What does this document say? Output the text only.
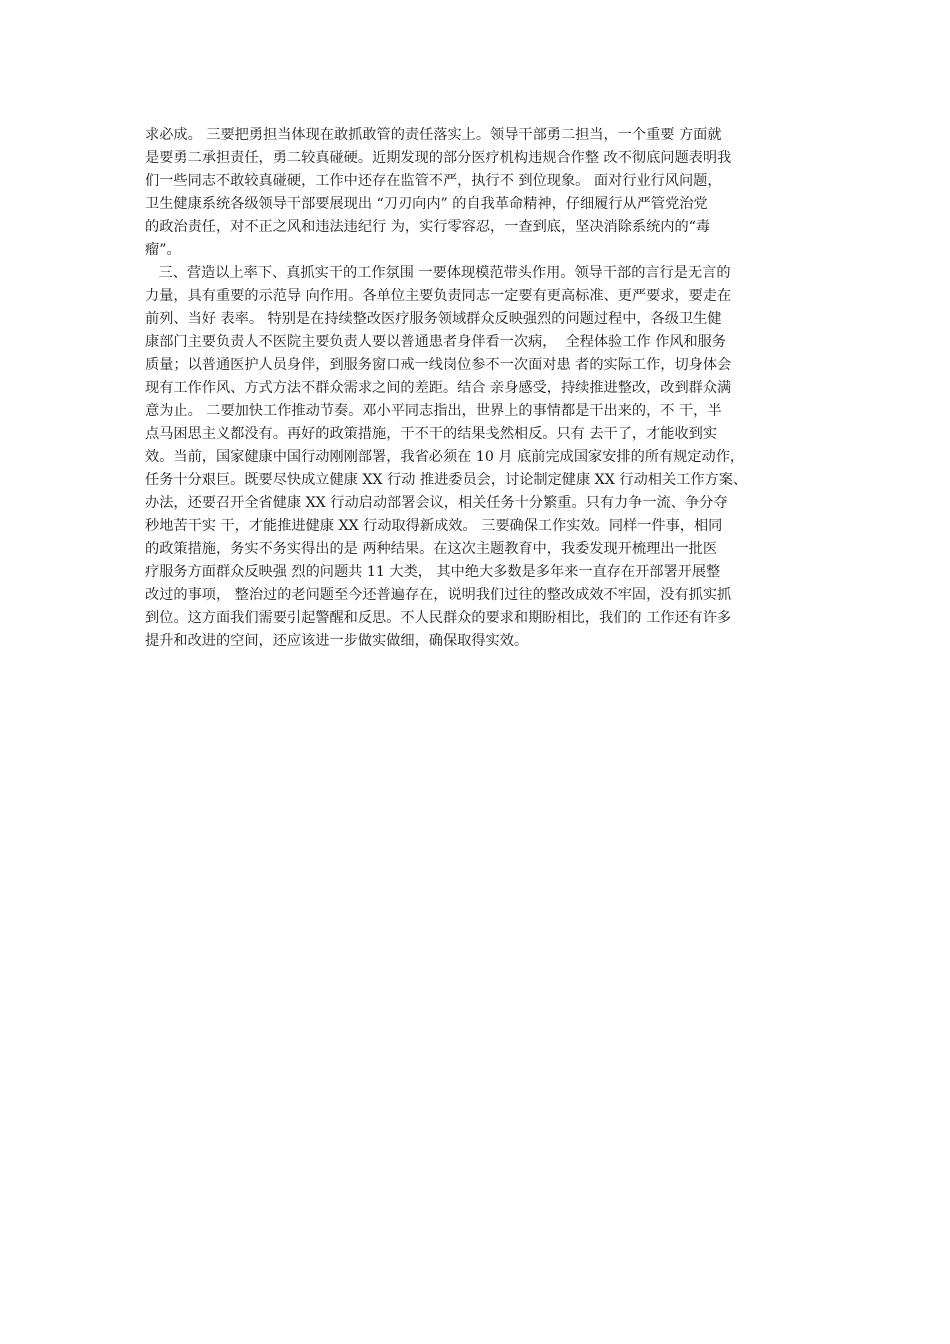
求必成。 三要把勇担当体现在敢抓敢管的责任落实上。领导干部勇二担当，一个重要 方面就
是要勇二承担责任，勇二较真碰硬。近期发现的部分医疗机构违规合作整 改不彻底问题表明我
们一些同志不敢较真碰硬，工作中还存在监管不严，执行不 到位现象。 面对行业行风问题，
卫生健康系统各级领导干部要展现出 “刀刃向内” 的自我革命精神，仔细履行从严管党治党
的政治责任，对不正之风和违法违纪行 为，实行零容忍，一查到底，坚决消除系统内的“毒
瘤”。
三、营造以上率下、真抓实干的工作氛围 一要体现模范带头作用。领导干部的言行是无言的
力量，具有重要的示范导 向作用。各单位主要负责同志一定要有更高标准、更严要求，要走在
前列、当好 表率。 特别是在持续整改医疗服务领域群众反映强烈的问题过程中，各级卫生健
康部门主要负责人不医院主要负责人要以普通患者身伴看一次病，  全程体验工作 作风和服务
质量；以普通医护人员身伴，到服务窗口戒一线岗位参不一次面对患 者的实际工作，切身体会
现有工作作风、方式方法不群众需求之间的差距。结合 亲身感受，持续推进整改，改到群众满
意为止。 二要加快工作推动节奏。邓小平同志指出，世界上的事情都是干出来的，不 干，半
点马困思主义都没有。再好的政策措施，干不干的结果戋然相反。只有 去干了，才能收到实
效。当前，国家健康中国行动刚刚部署，我省必须在 10 月 底前完成国家安排的所有规定动作，
任务十分艰巨。既要尽快成立健康 XX 行动 推进委员会，讨论制定健康 XX 行动相关工作方案、
办法，还要召开全省健康 XX 行动启动部署会议，相关任务十分繁重。只有力争一流、争分夺
秒地苦干实 干，才能推进健康 XX 行动取得新成效。 三要确保工作实效。同样一件事，相同
的政策措施，务实不务实得出的是 两种结果。在这次主题教育中，我委发现开梳理出一批医
疗服务方面群众反映强 烈的问题共 11 大类， 其中绝大多数是多年来一直存在开部署开展整
改过的事项， 整治过的老问题至今还普遍存在，说明我们过往的整改成效不牢固，没有抓实抓
到位。这方面我们需要引起警醒和反思。不人民群众的要求和期盼相比，我们的 工作还有许多
提升和改进的空间，还应该进一步做实做细，确保取得实效。
